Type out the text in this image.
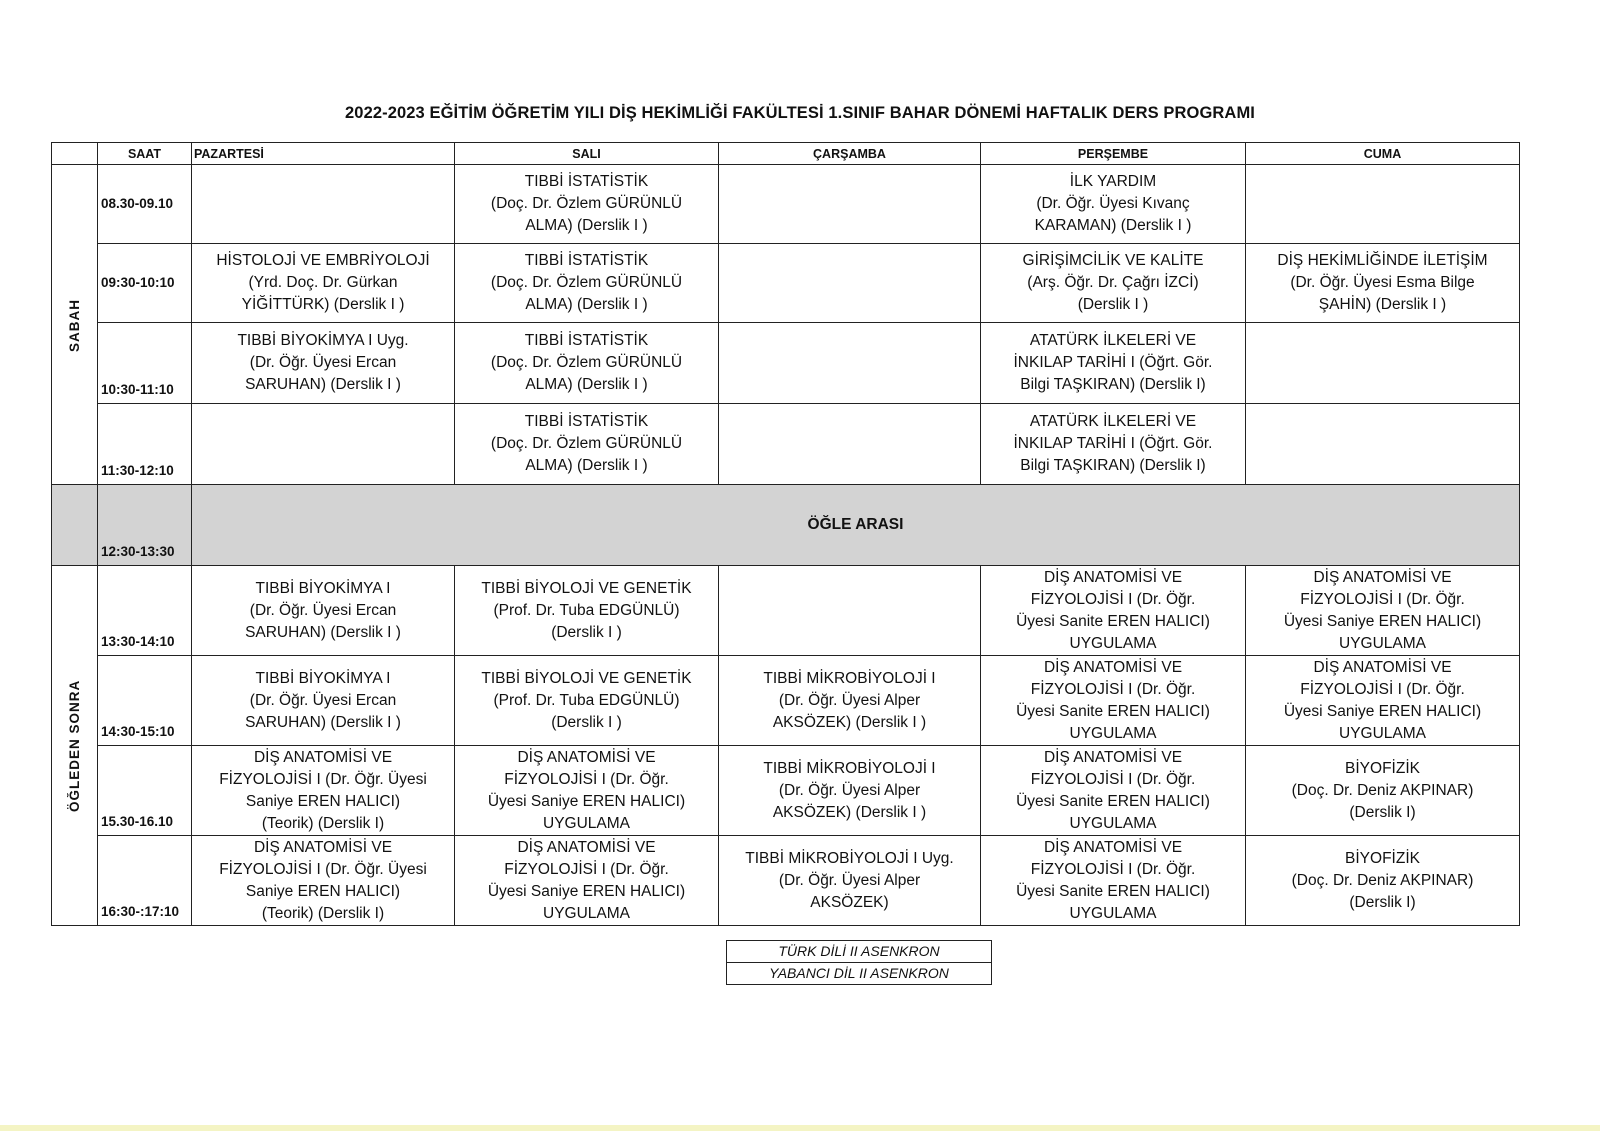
2022-2023 EĞİTİM ÖĞRETİM YILI DİŞ HEKİMLİĞİ FAKÜLTESİ 1.SINIF BAHAR DÖNEMİ HAFTALIK DERS PROGRAMI
	SAAT	PAZARTESİ	SALI	ÇARŞAMBA	PERŞEMBE	CUMA
SABAH	08.30-09.10		TIBBİ İSTATİSTİK
(Doç. Dr. Özlem GÜRÜNLÜ
ALMA) (Derslik I )		İLK YARDIM
(Dr. Öğr. Üyesi Kıvanç
KARAMAN) (Derslik I )	

	09:30-10:10	HİSTOLOJİ VE EMBRİYOLOJİ
(Yrd. Doç. Dr. Gürkan
YİĞİTTÜRK) (Derslik I )	TIBBİ İSTATİSTİK
(Doç. Dr. Özlem GÜRÜNLÜ
ALMA) (Derslik I )		GİRİŞİMCİLİK VE KALİTE
(Arş. Öğr. Dr. Çağrı İZCİ)
(Derslik I )	DİŞ HEKİMLİĞİNDE İLETİŞİM
(Dr. Öğr. Üyesi Esma Bilge
ŞAHİN) (Derslik I )

	10:30-11:10	TIBBİ BİYOKİMYA I Uyg.
(Dr. Öğr. Üyesi Ercan
SARUHAN) (Derslik I )	TIBBİ İSTATİSTİK
(Doç. Dr. Özlem GÜRÜNLÜ
ALMA) (Derslik I )		ATATÜRK İLKELERİ VE
İNKILAP TARİHİ I (Öğrt. Gör.
Bilgi TAŞKIRAN) (Derslik I)	

	11:30-12:10		TIBBİ İSTATİSTİK
(Doç. Dr. Özlem GÜRÜNLÜ
ALMA) (Derslik I )		ATATÜRK İLKELERİ VE
İNKILAP TARİHİ I (Öğrt. Gör.
Bilgi TAŞKIRAN) (Derslik I)	

	12:30-13:30	ÖĞLE ARASI				
ÖĞLEDEN SONRA	13:30-14:10	TIBBİ BİYOKİMYA I
(Dr. Öğr. Üyesi Ercan
SARUHAN) (Derslik I )	TIBBİ BİYOLOJİ VE GENETİK
(Prof. Dr. Tuba EDGÜNLÜ)
(Derslik I )		DİŞ ANATOMİSİ VE
FİZYOLOJİSİ I (Dr. Öğr.
Üyesi Sanite EREN HALICI)
UYGULAMA	DİŞ ANATOMİSİ VE
FİZYOLOJİSİ I (Dr. Öğr.
Üyesi Saniye EREN HALICI)
UYGULAMA

	14:30-15:10	TIBBİ BİYOKİMYA I
(Dr. Öğr. Üyesi Ercan
SARUHAN) (Derslik I )	TIBBİ BİYOLOJİ VE GENETİK
(Prof. Dr. Tuba EDGÜNLÜ)
(Derslik I )	TIBBİ MİKROBİYOLOJİ I
(Dr. Öğr. Üyesi Alper
AKSÖZEK) (Derslik I )	DİŞ ANATOMİSİ VE
FİZYOLOJİSİ I (Dr. Öğr.
Üyesi Sanite EREN HALICI)
UYGULAMA	DİŞ ANATOMİSİ VE
FİZYOLOJİSİ I (Dr. Öğr.
Üyesi Saniye EREN HALICI)
UYGULAMA

	15.30-16.10	DİŞ ANATOMİSİ VE
FİZYOLOJİSİ I (Dr. Öğr. Üyesi
Saniye EREN HALICI)
(Teorik) (Derslik I)	DİŞ ANATOMİSİ VE
FİZYOLOJİSİ I (Dr. Öğr.
Üyesi Saniye EREN HALICI)
UYGULAMA	TIBBİ MİKROBİYOLOJİ I
(Dr. Öğr. Üyesi Alper
AKSÖZEK) (Derslik I )	DİŞ ANATOMİSİ VE
FİZYOLOJİSİ I (Dr. Öğr.
Üyesi Sanite EREN HALICI)
UYGULAMA	BİYOFİZİK
(Doç. Dr. Deniz AKPINAR)
(Derslik I)

	16:30-:17:10	DİŞ ANATOMİSİ VE
FİZYOLOJİSİ I (Dr. Öğr. Üyesi
Saniye EREN HALICI)
(Teorik) (Derslik I)	DİŞ ANATOMİSİ VE
FİZYOLOJİSİ I (Dr. Öğr.
Üyesi Saniye EREN HALICI)
UYGULAMA	TIBBİ MİKROBİYOLOJİ I Uyg.
(Dr. Öğr. Üyesi Alper
AKSÖZEK)	DİŞ ANATOMİSİ VE
FİZYOLOJİSİ I (Dr. Öğr.
Üyesi Sanite EREN HALICI)
UYGULAMA	BİYOFİZİK
(Doç. Dr. Deniz AKPINAR)
(Derslik I)
TÜRK DİLİ II ASENKRON
YABANCI DİL II ASENKRON
